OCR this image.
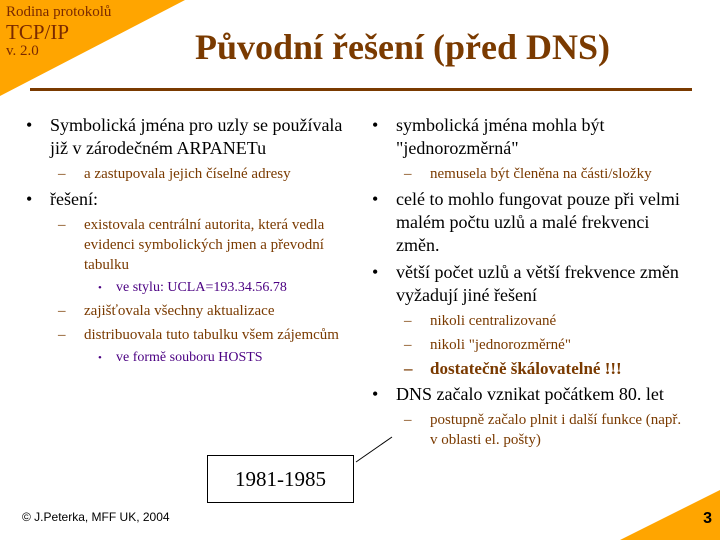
Rodina protokolů
TCP/IP
v. 2.0	Původní řešení (před DNS)
• Symbolická jména pro uzly se používala již v zárodečném ARPANETu
– a zastupovala jejich číselné adresy
• řešení:
– existovala centrální autorita, která vedla evidenci symbolických jmen a převodní tabulku
• ve stylu: UCLA=193.34.56.78
– zajišťovala všechny aktualizace
– distribuovala tuto tabulku všem zájemcům
• ve formě souboru HOSTS
• symbolická jména mohla být "jednorozměrná"
– nemusela být členěna na části/složky
• celé to mohlo fungovat pouze při velmi malém počtu uzlů a malé frekvenci změn.
• větší počet uzlů a větší frekvence změn vyžadují jiné řešení
– nikoli centralizované
– nikoli "jednorozměrné"
– dostatečně škálovatelné !!!
• DNS začalo vznikat počátkem 80. let
– postupně začalo plnit i další funkce (např. v oblasti el. pošty)
1981-1985
© J.Peterka, MFF UK, 2004	3
